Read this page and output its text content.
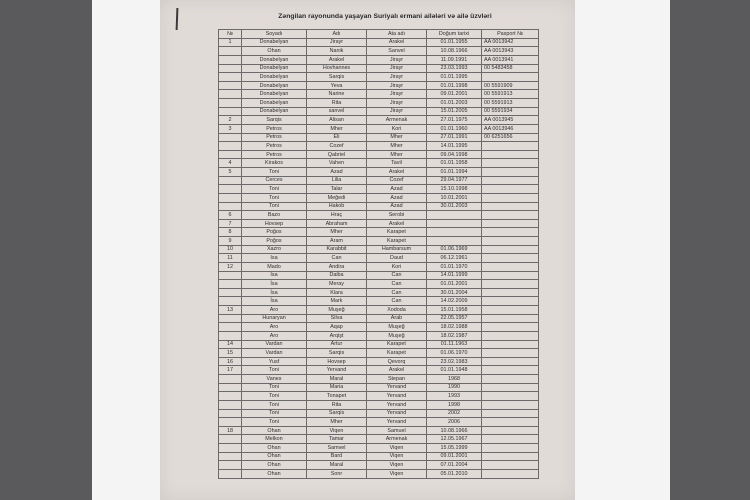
Zəngilan rayonunda yaşayan Suriyalı ermani ailələri və ailə üzvləri
№	Soyadı	Adı	Ata adı	Doğum tarixi	Pasport №
1	Donabelyan	Jirayr	Arakel	01.01.1955	AA 0013942
	Ohan	Nanik	Sanvel	10.08.1966	AA 0013943
	Donabelyan	Arakel	Jirayr	11.09.1991	AA 0013941
	Donabelyan	Hovhannes	Jirayr	23.03.1993	00 5483458
	Donabelyan	Sarqis	Jirayr	01.01.1995	
	Donabelyan	Yeva	Jirayr	01.01.1998	00 5591909
	Donabelyan	Narine	Jirayr	09.01.2001	00 5591913
	Donabelyan	Rita	Jirayr	01.01.2003	00 5591913
	Donabelyan	sanvel	Jirayr	15.01.2005	00 5591934
2	Sarqis	Alisan	Armenak	27.01.1975	AA 0013945
3	Petros	Mher	Kori	01.01.1960	AA 0013946
	Petros	Eli	Mher	27.01.1991	00 6251656
	Petros	Cozef	Mher	14.01.1995	
	Petros	Qabriel	Mher	09.04.1998	
4	Kirakos	Vahen	Tavil	01.01.1958	
5	Toni	Azad	Arakel	01.01.1994	
	Cerces	Lilia	Cozef	29.04.1977	
	Toni	Talar	Azad	15.10.1998	
	Toni	Meğedi	Azad	10.01.2001	
	Toni	Hakob	Azad	30.01.2003	
6	Bazo	Hraç	Serobi		
7	Hovsep	Abraham	Arakel		
8	Poğos	Mher	Karapet		
9	Poğos	Aram	Karapet		
10	Xazro	Karabbit	Hambarsum	01.06.1969	
11	Isa	Can	Daud	06.12.1961	
12	Mado	Andira	Kori	01.01.1970	
	İsa	Daiba	Can	14.01.1999	
	İsa	Meray	Can	01.01.2001	
	İsa	Klara	Can	30.01.2004	
	İsa	Mark	Can	14.02.2009	
13	Aro	Muşeğ	Xododa	15.01.1958	
	Hunaryan	Silva	Arab	22.05.1957	
	Aro	Aqap	Muşeğ	18.02.1988	
	Aro	Arqişt	Muşeğ	18.02.1987	
14	Vardan	Artur	Karapet	01.11.1963	
15	Vardan	Sarqis	Karapet	01.06.1970	
16	Yusf	Hovsep	Qevorq	23.02.1983	
17	Toni	Yervand	Arakel	01.01.1948	
	Vanes	Maral	Stepan	1968	
	Toni	Maria	Yervand	1990	
	Toni	Tonapet	Yervand	1993	
	Toni	Rita	Yervand	1998	
	Toni	Sarqis	Yervand	2002	
	Toni	Mher	Yervand	2006	
18	Ohan	Viqen	Samuel	10.08.1966	
	Melkon	Tamar	Armenak	12.05.1967	
	Ohan	Samvel	Viqen	15.05.1999	
	Ohan	Bard	Viqen	09.01.2001	
	Ohan	Maral	Viqen	07.01.2004	
	Ohan	Sonr	Viqen	05.01.2010	
